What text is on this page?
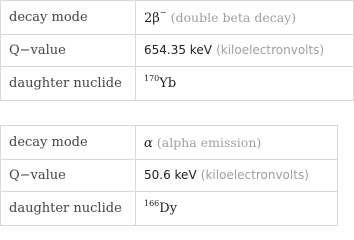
decay mode	2β− (double beta decay)
Q−value	654.35 keV (kiloelectronvolts)
daughter nuclide	$^{170}$Yb
decay mode	α (alpha emission)
Q−value	50.6 keV (kiloelectronvolts)
daughter nuclide	$^{166}$Dy
